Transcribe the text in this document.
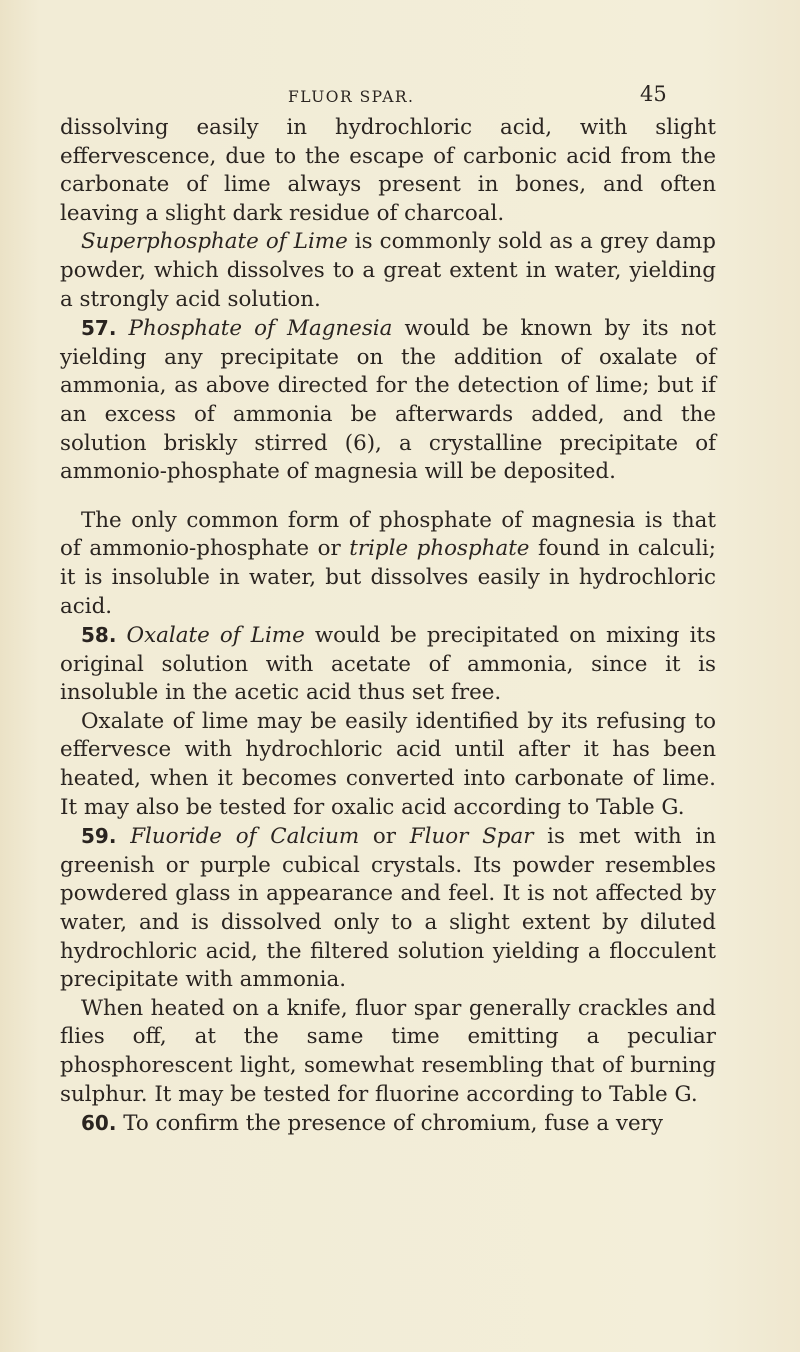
FLUOR SPAR.	45

dissolving easily in hydrochloric acid, with slight effervescence, due to the escape of carbonic acid from the carbonate of lime always present in bones, and often leaving a slight dark residue of charcoal.

Superphosphate of Lime is commonly sold as a grey damp powder, which dissolves to a great extent in water, yielding a strongly acid solution.

57. Phosphate of Magnesia would be known by its not yielding any precipitate on the addition of oxalate of ammonia, as above directed for the detection of lime; but if an excess of ammonia be afterwards added, and the solution briskly stirred (6), a crystalline precipitate of ammonio-phosphate of magnesia will be deposited.

The only common form of phosphate of magnesia is that of ammonio-phosphate or triple phosphate found in calculi; it is insoluble in water, but dissolves easily in hydrochloric acid.

58. Oxalate of Lime would be precipitated on mixing its original solution with acetate of ammonia, since it is insoluble in the acetic acid thus set free.

Oxalate of lime may be easily identified by its refusing to effervesce with hydrochloric acid until after it has been heated, when it becomes converted into carbonate of lime. It may also be tested for oxalic acid according to Table G.

59. Fluoride of Calcium or Fluor Spar is met with in greenish or purple cubical crystals. Its powder resembles powdered glass in appearance and feel. It is not affected by water, and is dissolved only to a slight extent by diluted hydrochloric acid, the filtered solution yielding a flocculent precipitate with ammonia.

When heated on a knife, fluor spar generally crackles and flies off, at the same time emitting a peculiar phosphorescent light, somewhat resembling that of burning sulphur. It may be tested for fluorine according to Table G.

60. To confirm the presence of chromium, fuse a very
